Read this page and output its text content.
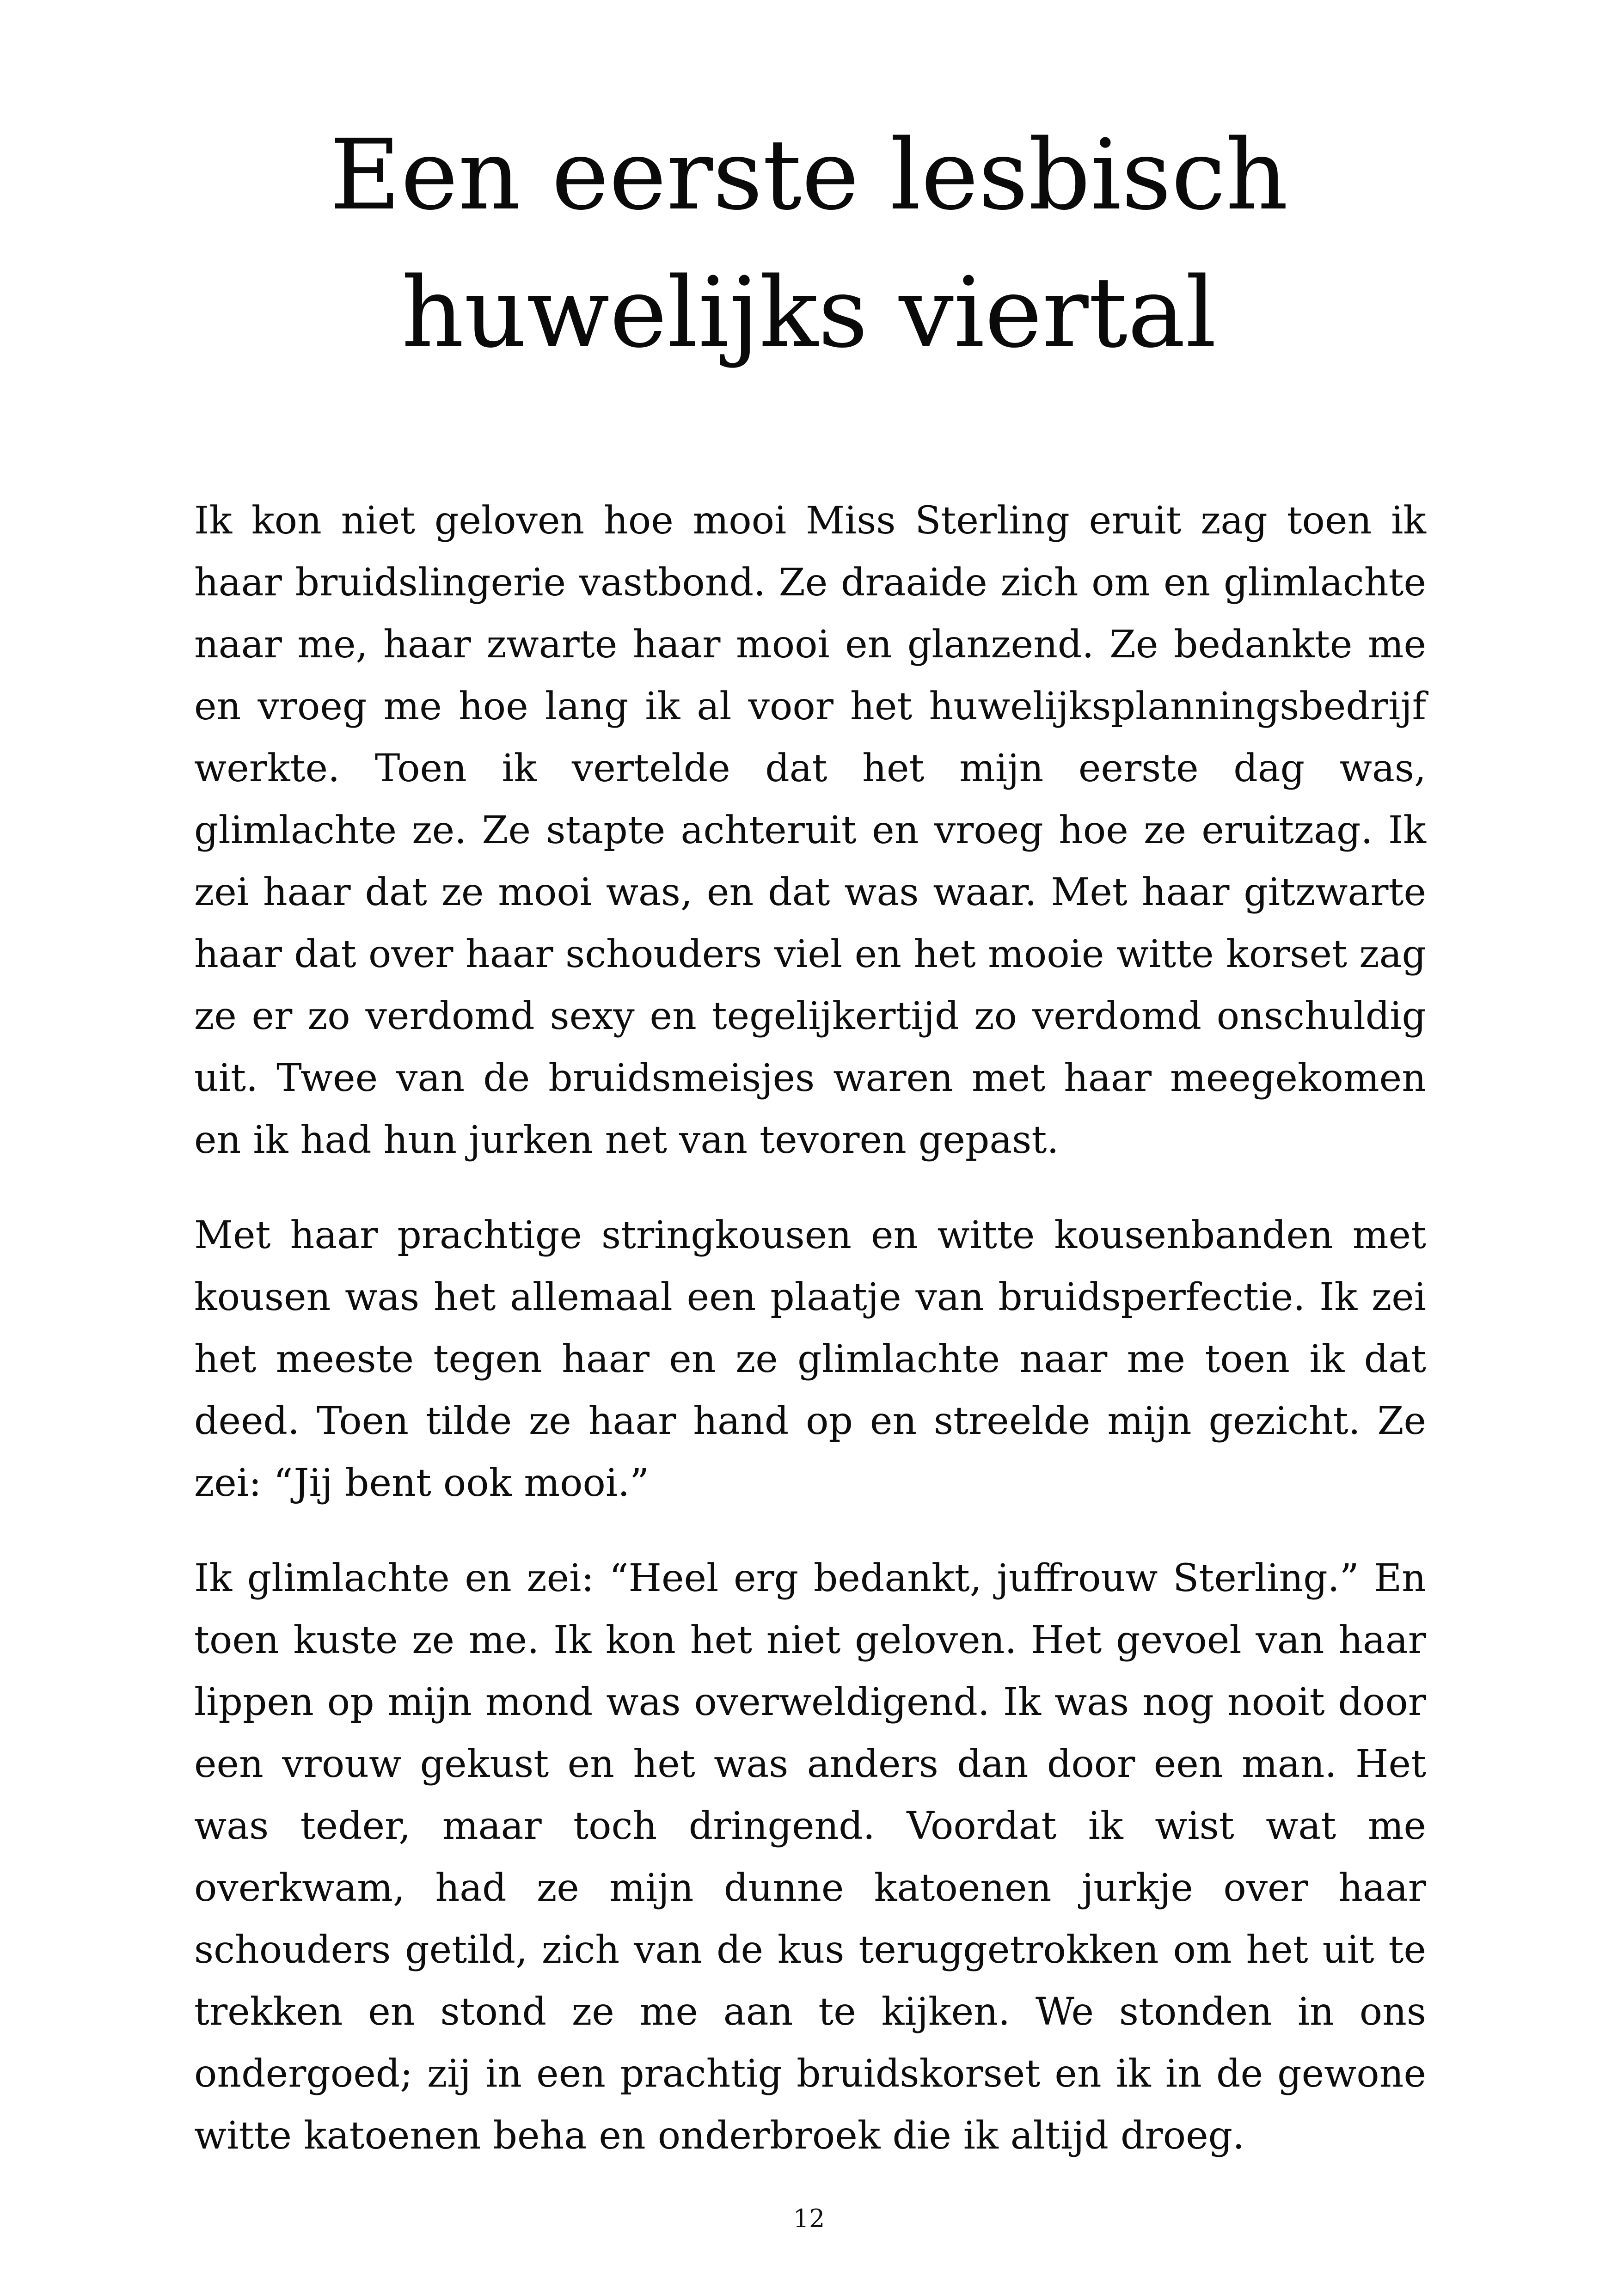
Een eerste lesbisch
huwelijks viertal

Ik kon niet geloven hoe mooi Miss Sterling eruit zag toen ik haar bruidslingerie vastbond. Ze draaide zich om en glimlachte naar me, haar zwarte haar mooi en glanzend. Ze bedankte me en vroeg me hoe lang ik al voor het huwelijksplanningsbedrijf werkte. Toen ik vertelde dat het mijn eerste dag was, glimlachte ze. Ze stapte achteruit en vroeg hoe ze eruitzag. Ik zei haar dat ze mooi was, en dat was waar. Met haar gitzwarte haar dat over haar schouders viel en het mooie witte korset zag ze er zo verdomd sexy en tegelijkertijd zo verdomd onschuldig uit. Twee van de bruidsmeisjes waren met haar meegekomen en ik had hun jurken net van tevoren gepast.

Met haar prachtige stringkousen en witte kousenbanden met kousen was het allemaal een plaatje van bruidsperfectie. Ik zei het meeste tegen haar en ze glimlachte naar me toen ik dat deed. Toen tilde ze haar hand op en streelde mijn gezicht. Ze zei: “Jij bent ook mooi.”

Ik glimlachte en zei: “Heel erg bedankt, juffrouw Sterling.” En toen kuste ze me. Ik kon het niet geloven. Het gevoel van haar lippen op mijn mond was overweldigend. Ik was nog nooit door een vrouw gekust en het was anders dan door een man. Het was teder, maar toch dringend. Voordat ik wist wat me overkwam, had ze mijn dunne katoenen jurkje over haar schouders getild, zich van de kus teruggetrokken om het uit te trekken en stond ze me aan te kijken. We stonden in ons ondergoed; zij in een prachtig bruidskorset en ik in de gewone witte katoenen beha en onderbroek die ik altijd droeg.

12
